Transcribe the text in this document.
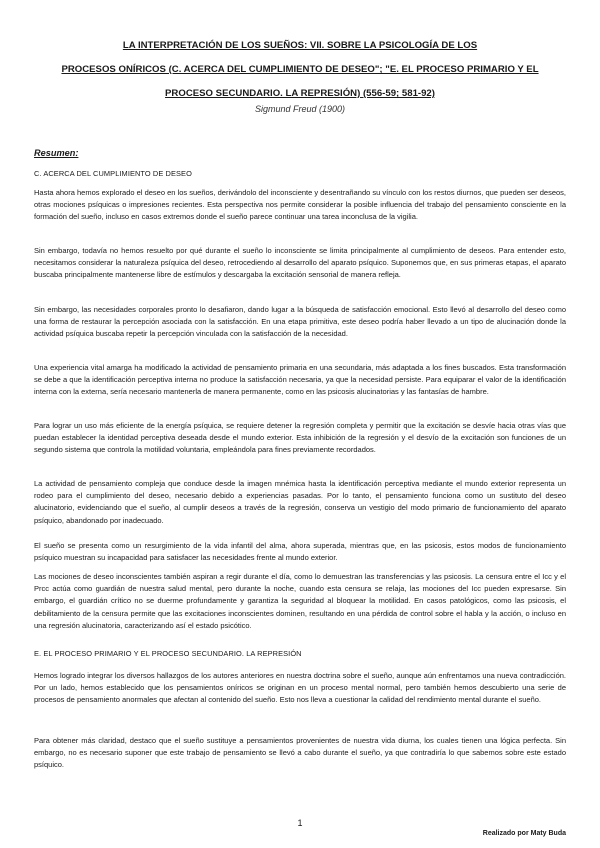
LA INTERPRETACIÓN DE LOS SUEÑOS: VII. SOBRE LA PSICOLOGÍA DE LOS
PROCESOS ONÍRICOS (C. ACERCA DEL CUMPLIMIENTO DE DESEO"; "E. EL PROCESO PRIMARIO Y EL
PROCESO SECUNDARIO. LA REPRESIÓN) (556-59; 581-92)
Sigmund Freud (1900)
Resumen:
C. ACERCA DEL CUMPLIMIENTO DE DESEO

Hasta ahora hemos explorado el deseo en los sueños, derivándolo del inconsciente y desentrañando su vínculo con los restos diurnos, que pueden ser deseos, otras mociones psíquicas o impresiones recientes. Esta perspectiva nos permite considerar la posible influencia del trabajo del pensamiento consciente en la formación del sueño, incluso en casos extremos donde el sueño parece continuar una tarea inconclusa de la vigilia.

Sin embargo, todavía no hemos resuelto por qué durante el sueño lo inconsciente se limita principalmente al cumplimiento de deseos. Para entender esto, necesitamos considerar la naturaleza psíquica del deseo, retrocediendo al desarrollo del aparato psíquico. Suponemos que, en sus primeras etapas, el aparato buscaba principalmente mantenerse libre de estímulos y descargaba la excitación sensorial de manera refleja.

Sin embargo, las necesidades corporales pronto lo desafiaron, dando lugar a la búsqueda de satisfacción emocional. Esto llevó al desarrollo del deseo como una forma de restaurar la percepción asociada con la satisfacción. En una etapa primitiva, este deseo podría haber llevado a un tipo de alucinación donde la actividad psíquica buscaba repetir la percepción vinculada con la satisfacción de la necesidad.

Una experiencia vital amarga ha modificado la actividad de pensamiento primaria en una secundaria, más adaptada a los fines buscados. Esta transformación se debe a que la identificación perceptiva interna no produce la satisfacción necesaria, ya que la necesidad persiste. Para equiparar el valor de la identificación interna con la externa, sería necesario mantenerla de manera permanente, como en las psicosis alucinatorias y las fantasías de hambre.

Para lograr un uso más eficiente de la energía psíquica, se requiere detener la regresión completa y permitir que la excitación se desvíe hacia otras vías que puedan establecer la identidad perceptiva deseada desde el mundo exterior. Esta inhibición de la regresión y el desvío de la excitación son funciones de un segundo sistema que controla la motilidad voluntaria, empleándola para fines previamente recordados.

La actividad de pensamiento compleja que conduce desde la imagen mnémica hasta la identificación perceptiva mediante el mundo exterior representa un rodeo para el cumplimiento del deseo, necesario debido a experiencias pasadas. Por lo tanto, el pensamiento funciona como un sustituto del deseo alucinatorio, evidenciando que el sueño, al cumplir deseos a través de la regresión, conserva un vestigio del modo primario de funcionamiento del aparato psíquico, abandonado por inadecuado.

El sueño se presenta como un resurgimiento de la vida infantil del alma, ahora superada, mientras que, en las psicosis, estos modos de funcionamiento psíquico muestran su incapacidad para satisfacer las necesidades frente al mundo exterior.

Las mociones de deseo inconscientes también aspiran a regir durante el día, como lo demuestran las transferencias y las psicosis. La censura entre el Icc y el Prcc actúa como guardián de nuestra salud mental, pero durante la noche, cuando esta censura se relaja, las mociones del Icc pueden expresarse. Sin embargo, el guardián crítico no se duerme profundamente y garantiza la seguridad al bloquear la motilidad. En casos patológicos, como las psicosis, el debilitamiento de la censura permite que las excitaciones inconscientes dominen, resultando en una pérdida de control sobre el habla y la acción, o incluso en una regresión alucinatoria, caracterizando así el estado psicótico.

E. EL PROCESO PRIMARIO Y EL PROCESO SECUNDARIO. LA REPRESIÓN

Hemos logrado integrar los diversos hallazgos de los autores anteriores en nuestra doctrina sobre el sueño, aunque aún enfrentamos una nueva contradicción. Por un lado, hemos establecido que los pensamientos oníricos se originan en un proceso mental normal, pero también hemos descubierto una serie de procesos de pensamiento anormales que afectan al contenido del sueño. Esto nos lleva a cuestionar la calidad del rendimiento mental durante el sueño.

Para obtener más claridad, destaco que el sueño sustituye a pensamientos provenientes de nuestra vida diurna, los cuales tienen una lógica perfecta. Sin embargo, no es necesario suponer que este trabajo de pensamiento se llevó a cabo durante el sueño, ya que contradiría lo que sabemos sobre este estado psíquico.

1
Realizado por Maty Buda
